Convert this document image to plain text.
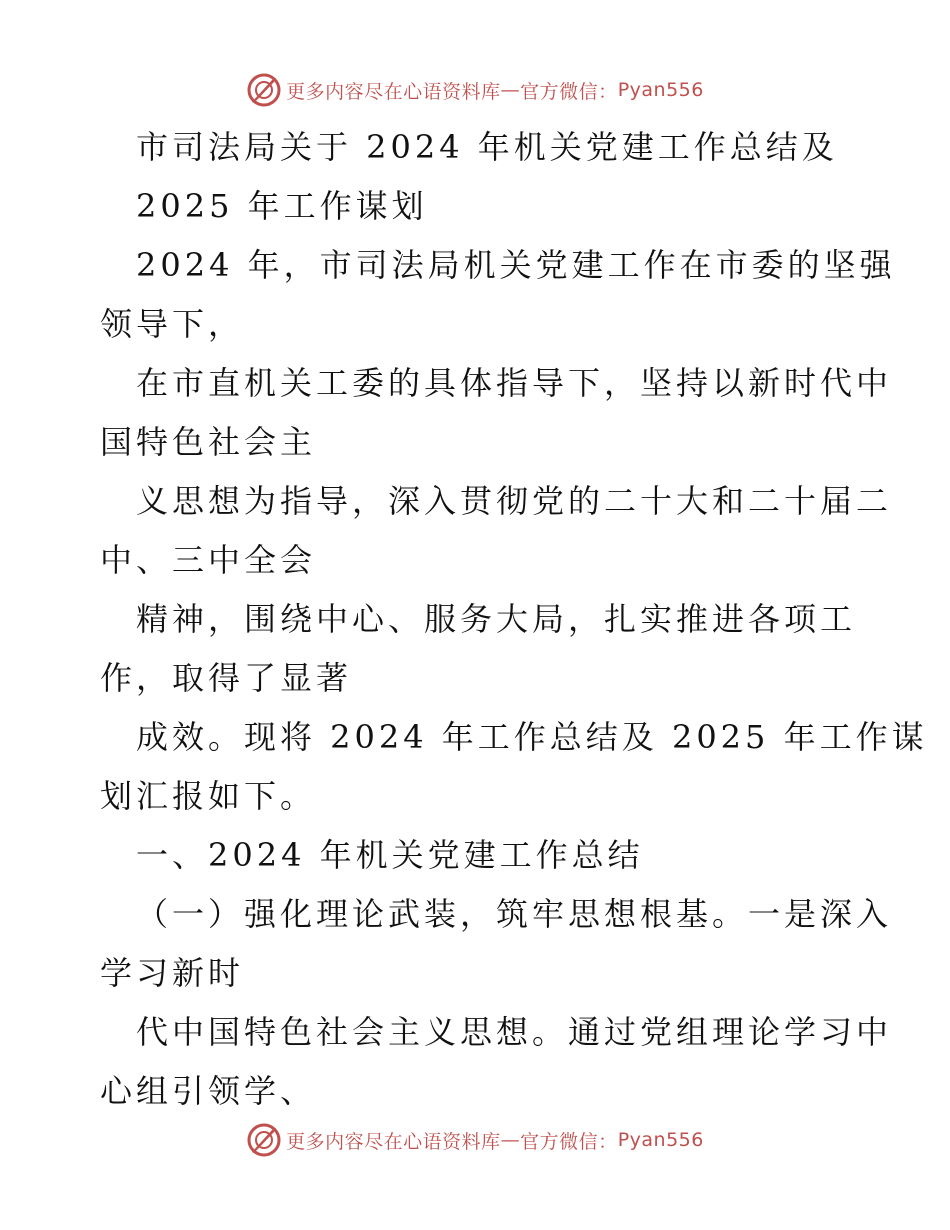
更多内容尽在心语资料库 — 官方微信： Pyan556

市司法局关于 2024 年机关党建工作总结及

2025 年工作谋划

2024 年，市司法局机关党建工作在市委的坚强

领导下，

在市直机关工委的具体指导下，坚持以新时代中

国特色社会主

义思想为指导，深入贯彻党的二十大和二十届二

中、三中全会

精神，围绕中心、服务大局，扎实推进各项工

作，取得了显著

成效。现将 2024 年工作总结及 2025 年工作谋

划汇报如下。

一、2024 年机关党建工作总结

（一）强化理论武装，筑牢思想根基。一是深入

学习新时

代中国特色社会主义思想。通过党组理论学习中

心组引领学、

更多内容尽在心语资料库 — 官方微信： Pyan556
